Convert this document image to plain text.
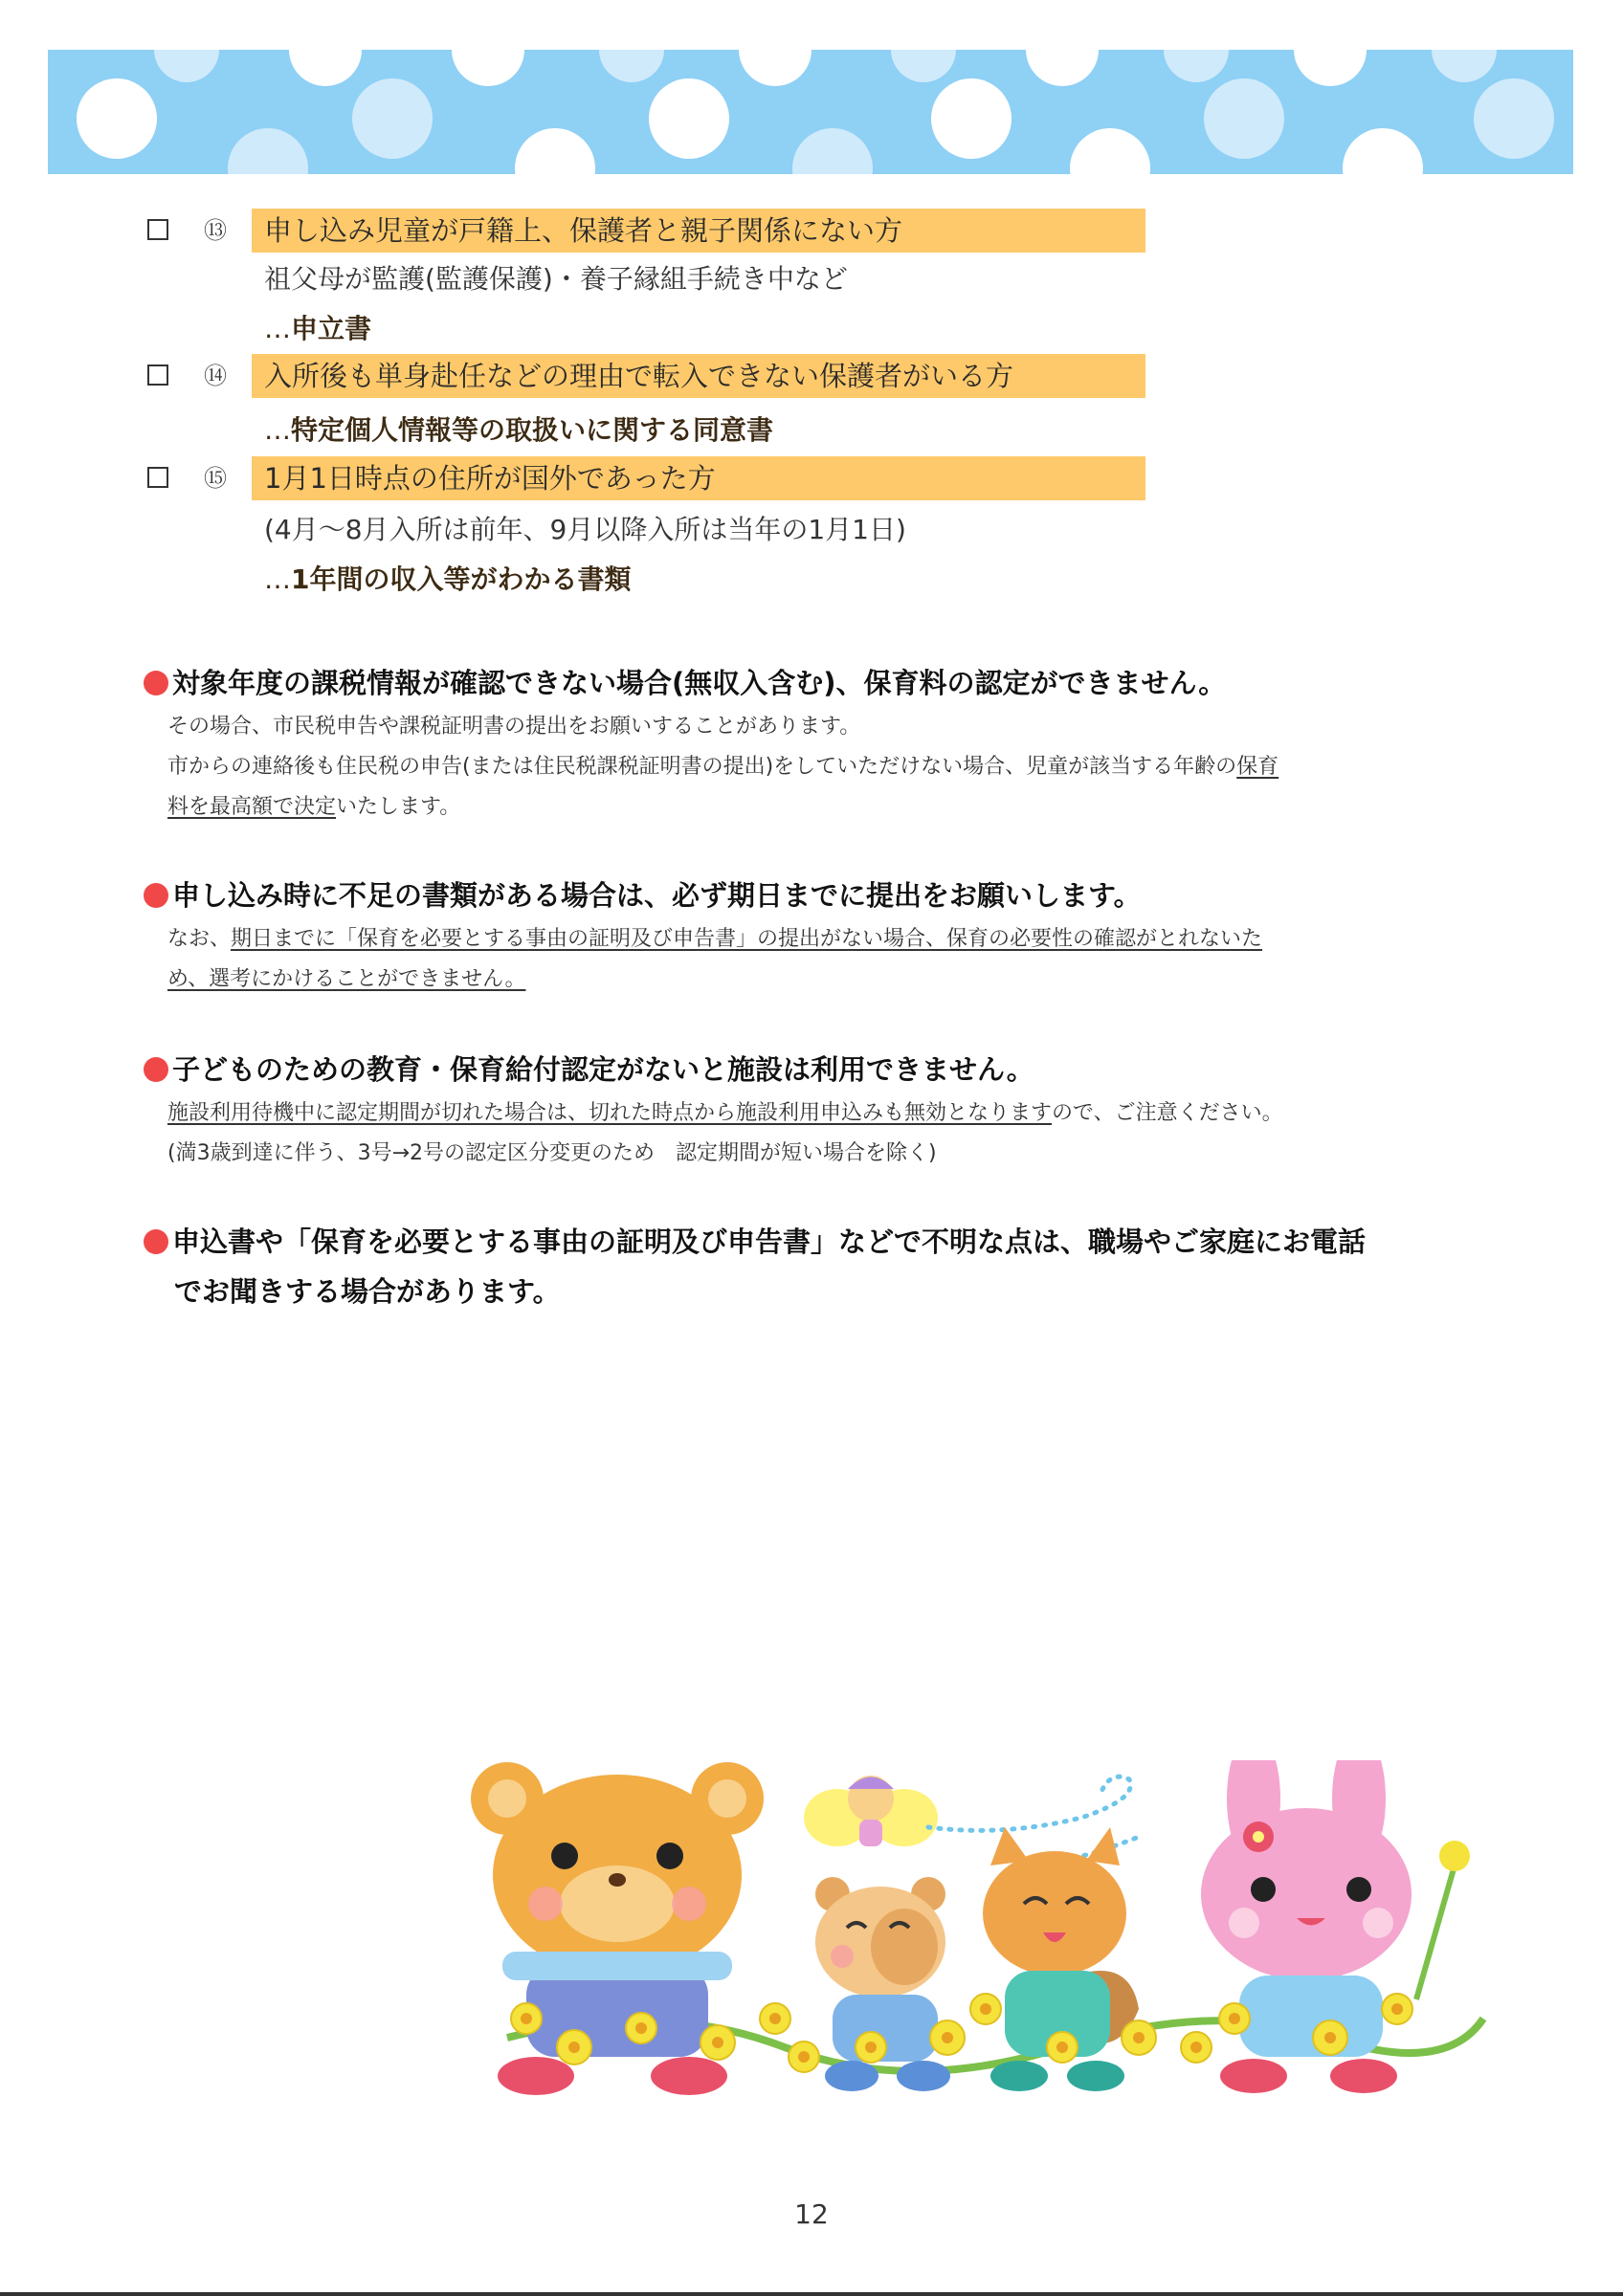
⑬ 申し込み児童が戸籍上、保護者と親子関係にない方
祖父母が監護(監護保護)・養子縁組手続き中など
…申立書
⑭ 入所後も単身赴任などの理由で転入できない保護者がいる方
…特定個人情報等の取扱いに関する同意書
⑮ 1月1日時点の住所が国外であった方
(4月～8月入所は前年、9月以降入所は当年の1月1日)
…1年間の収入等がわかる書類
対象年度の課税情報が確認できない場合(無収入含む)、保育料の認定ができません。
その場合、市民税申告や課税証明書の提出をお願いすることがあります。
市からの連絡後も住民税の申告(または住民税課税証明書の提出)をしていただけない場合、児童が該当する年齢の保育
料を最高額で決定いたします。
申し込み時に不足の書類がある場合は、必ず期日までに提出をお願いします。
なお、期日までに「保育を必要とする事由の証明及び申告書」の提出がない場合、保育の必要性の確認がとれないた
め、選考にかけることができません。
子どものための教育・保育給付認定がないと施設は利用できません。
施設利用待機中に認定期間が切れた場合は、切れた時点から施設利用申込みも無効となりますので、ご注意ください。
(満3歳到達に伴う、3号→2号の認定区分変更のため　認定期間が短い場合を除く)
申込書や「保育を必要とする事由の証明及び申告書」などで不明な点は、職場やご家庭にお電話
でお聞きする場合があります。
12
